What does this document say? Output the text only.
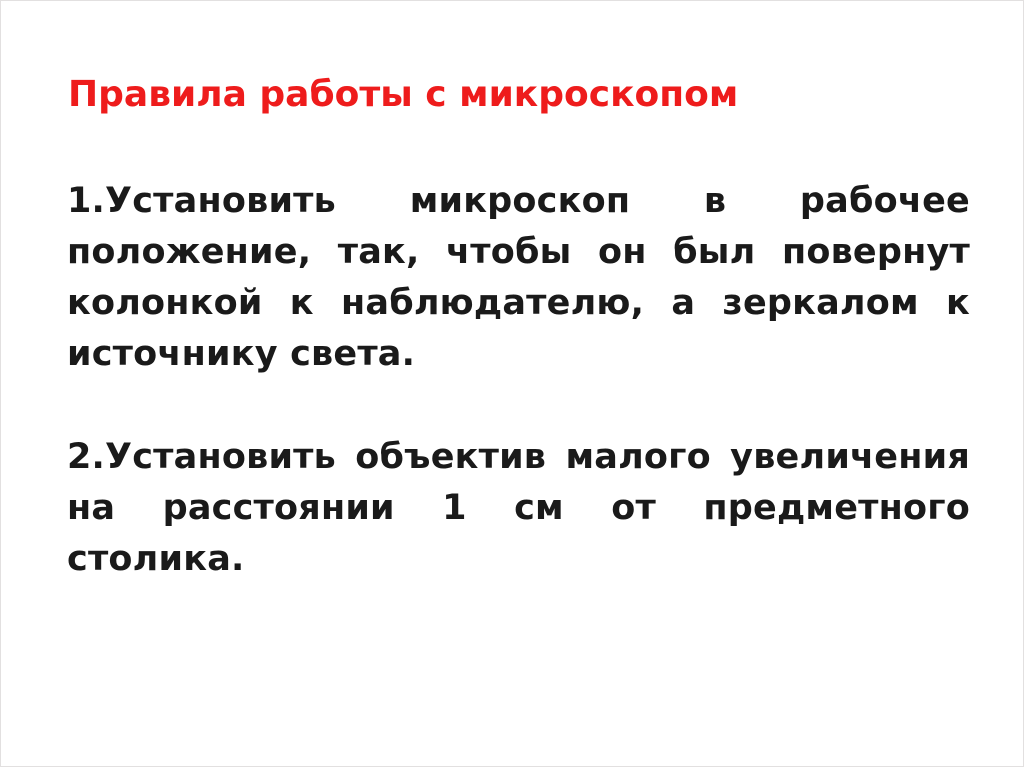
Правила работы с микроскопом

1.Установить микроскоп в рабочее положение, так, чтобы он был повернут колонкой к наблюдателю, а зеркалом к источнику света.

2.Установить объектив малого увеличения на расстоянии 1 см от предметного столика.
